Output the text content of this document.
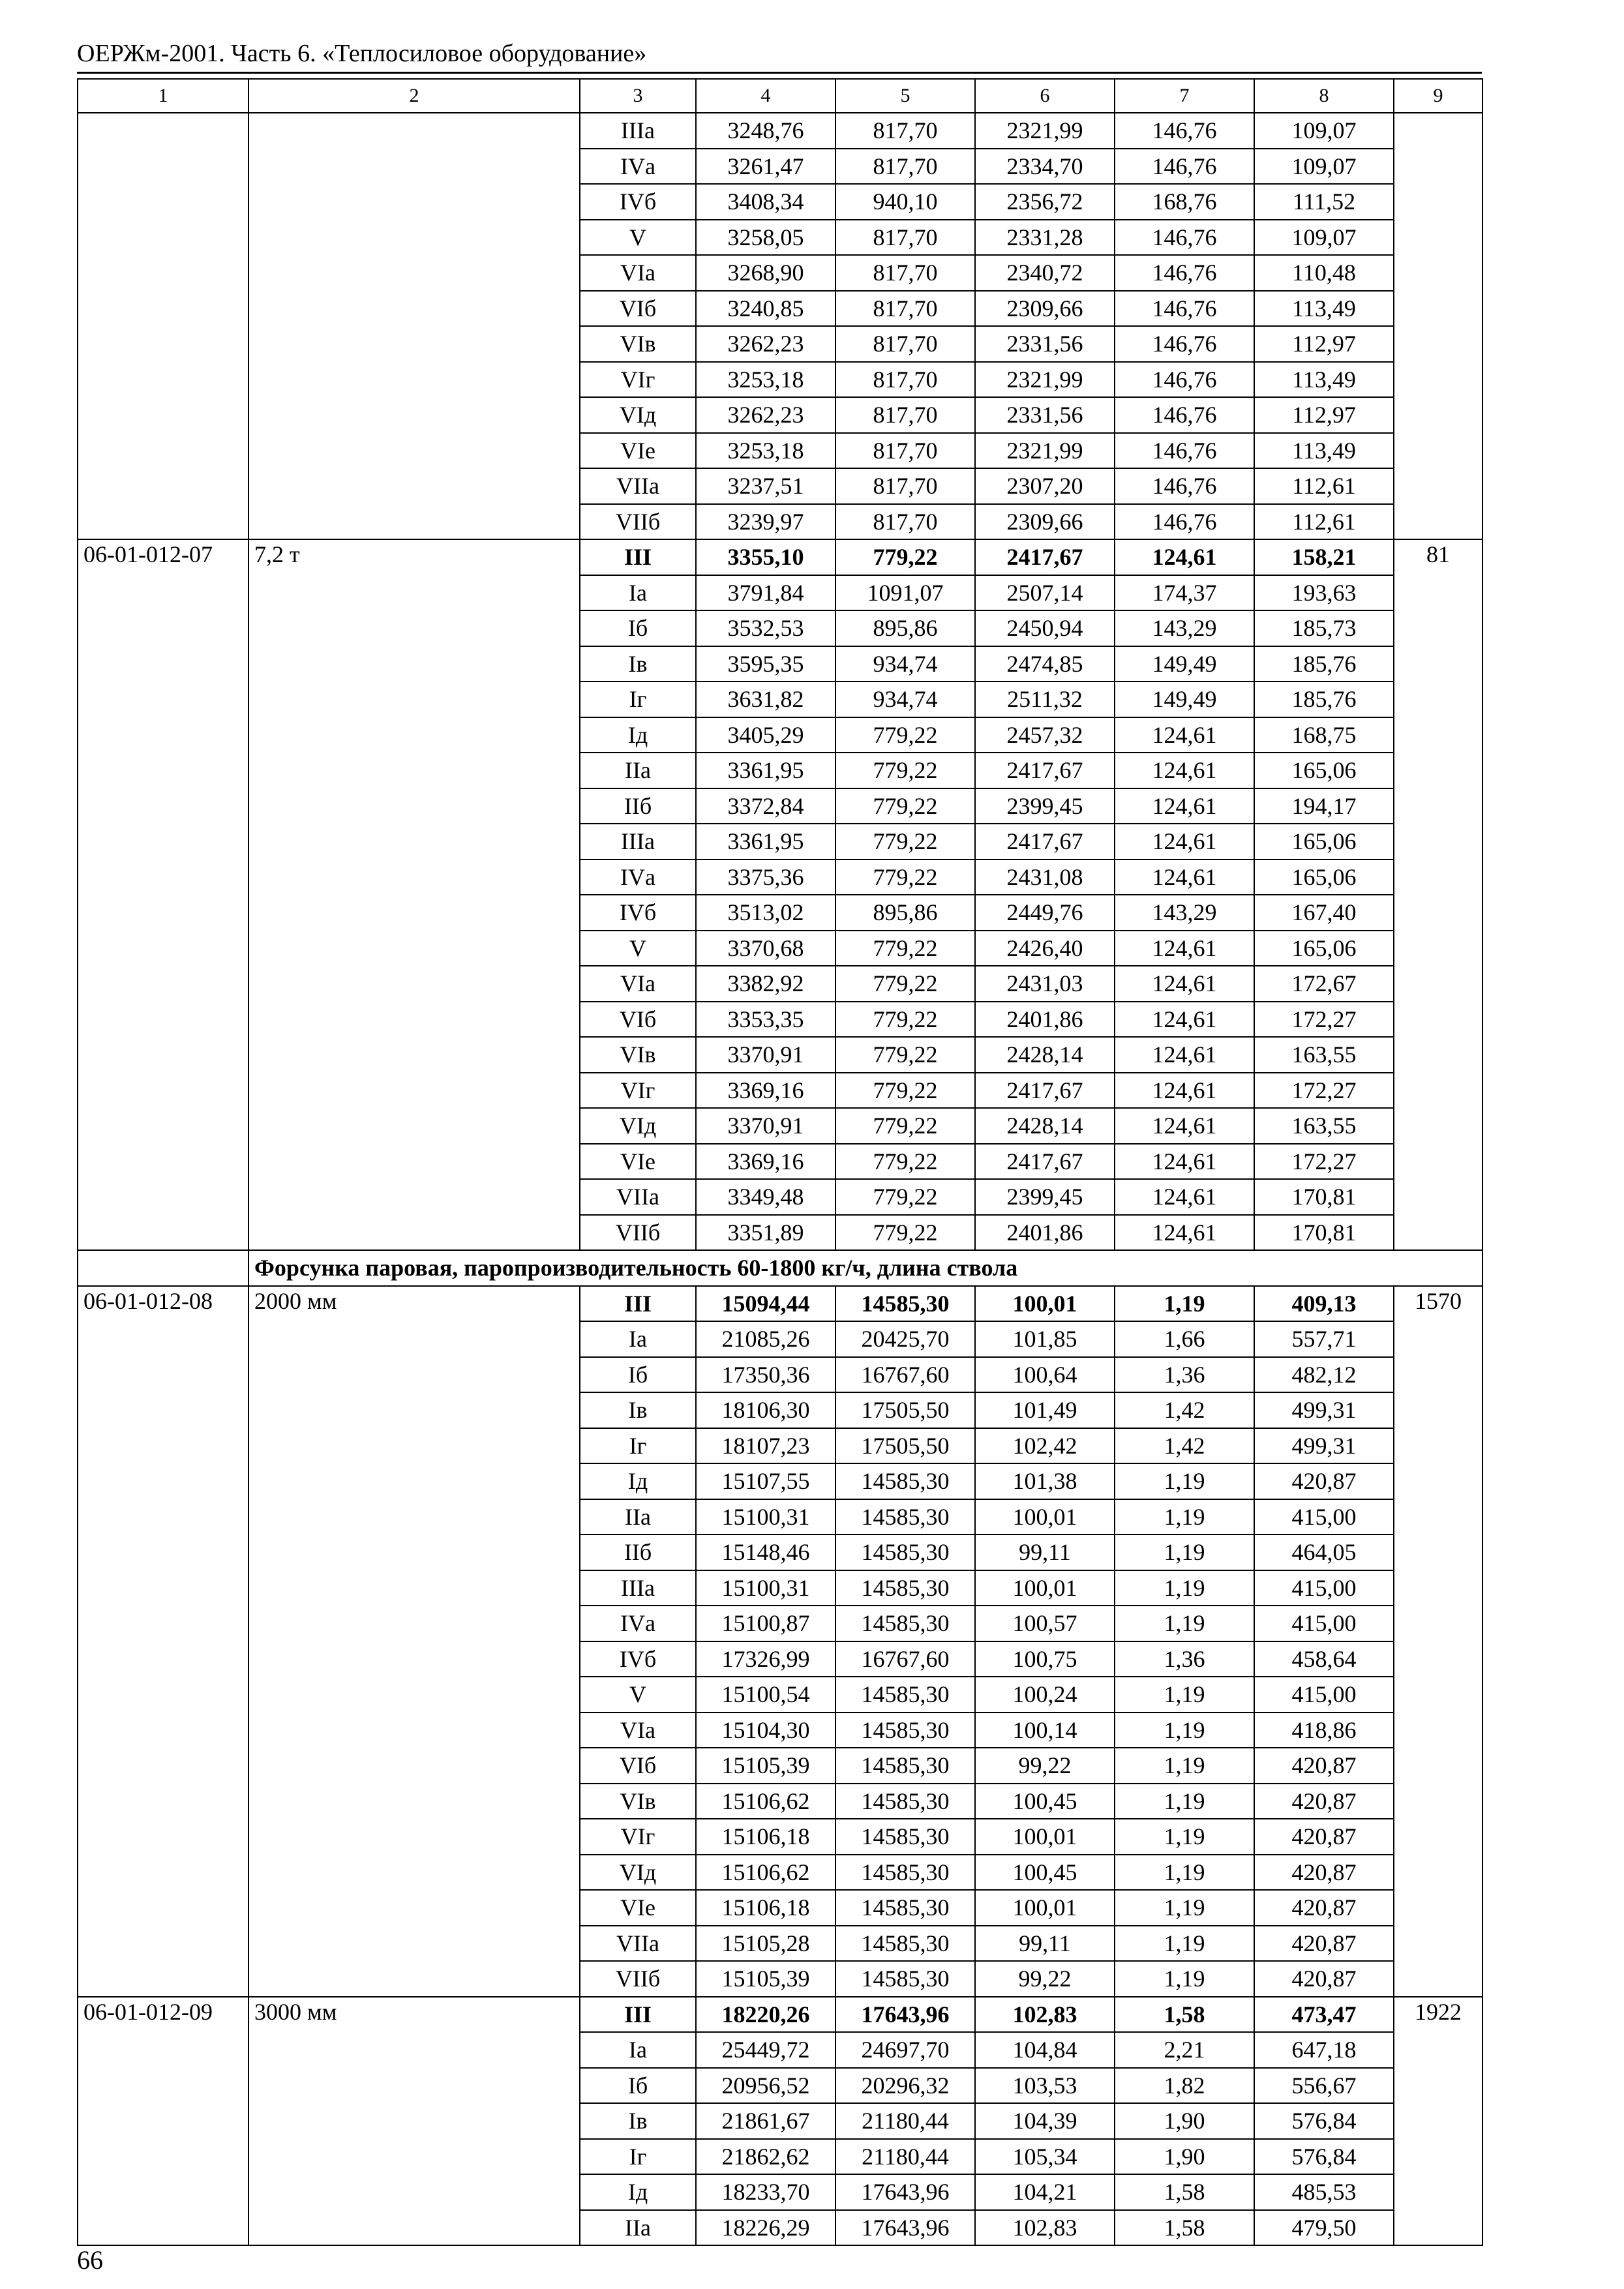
ОЕРЖм-2001. Часть 6. «Теплосиловое оборудование»
1	2	3	4	5	6	7	8	9
		IIIа	3248,76	817,70	2321,99	146,76	109,07	
		IVа	3261,47	817,70	2334,70	146,76	109,07	
		IVб	3408,34	940,10	2356,72	168,76	111,52	
		V	3258,05	817,70	2331,28	146,76	109,07	
		VIа	3268,90	817,70	2340,72	146,76	110,48	
		VIб	3240,85	817,70	2309,66	146,76	113,49	
		VIв	3262,23	817,70	2331,56	146,76	112,97	
		VIг	3253,18	817,70	2321,99	146,76	113,49	
		VIд	3262,23	817,70	2331,56	146,76	112,97	
		VIе	3253,18	817,70	2321,99	146,76	113,49	
		VIIа	3237,51	817,70	2307,20	146,76	112,61	
		VIIб	3239,97	817,70	2309,66	146,76	112,61	
06-01-012-07	7,2 т	III	3355,10	779,22	2417,67	124,61	158,21	81
		Iа	3791,84	1091,07	2507,14	174,37	193,63	
		Iб	3532,53	895,86	2450,94	143,29	185,73	
		Iв	3595,35	934,74	2474,85	149,49	185,76	
		Iг	3631,82	934,74	2511,32	149,49	185,76	
		Iд	3405,29	779,22	2457,32	124,61	168,75	
		IIа	3361,95	779,22	2417,67	124,61	165,06	
		IIб	3372,84	779,22	2399,45	124,61	194,17	
		IIIа	3361,95	779,22	2417,67	124,61	165,06	
		IVа	3375,36	779,22	2431,08	124,61	165,06	
		IVб	3513,02	895,86	2449,76	143,29	167,40	
		V	3370,68	779,22	2426,40	124,61	165,06	
		VIа	3382,92	779,22	2431,03	124,61	172,67	
		VIб	3353,35	779,22	2401,86	124,61	172,27	
		VIв	3370,91	779,22	2428,14	124,61	163,55	
		VIг	3369,16	779,22	2417,67	124,61	172,27	
		VIд	3370,91	779,22	2428,14	124,61	163,55	
		VIе	3369,16	779,22	2417,67	124,61	172,27	
		VIIа	3349,48	779,22	2399,45	124,61	170,81	
		VIIб	3351,89	779,22	2401,86	124,61	170,81	
	Форсунка паровая, паропроизводительность 60-1800 кг/ч, длина ствола							
06-01-012-08	2000 мм	III	15094,44	14585,30	100,01	1,19	409,13	1570
		Iа	21085,26	20425,70	101,85	1,66	557,71	
		Iб	17350,36	16767,60	100,64	1,36	482,12	
		Iв	18106,30	17505,50	101,49	1,42	499,31	
		Iг	18107,23	17505,50	102,42	1,42	499,31	
		Iд	15107,55	14585,30	101,38	1,19	420,87	
		IIа	15100,31	14585,30	100,01	1,19	415,00	
		IIб	15148,46	14585,30	99,11	1,19	464,05	
		IIIа	15100,31	14585,30	100,01	1,19	415,00	
		IVа	15100,87	14585,30	100,57	1,19	415,00	
		IVб	17326,99	16767,60	100,75	1,36	458,64	
		V	15100,54	14585,30	100,24	1,19	415,00	
		VIа	15104,30	14585,30	100,14	1,19	418,86	
		VIб	15105,39	14585,30	99,22	1,19	420,87	
		VIв	15106,62	14585,30	100,45	1,19	420,87	
		VIг	15106,18	14585,30	100,01	1,19	420,87	
		VIд	15106,62	14585,30	100,45	1,19	420,87	
		VIе	15106,18	14585,30	100,01	1,19	420,87	
		VIIа	15105,28	14585,30	99,11	1,19	420,87	
		VIIб	15105,39	14585,30	99,22	1,19	420,87	
06-01-012-09	3000 мм	III	18220,26	17643,96	102,83	1,58	473,47	1922
		Iа	25449,72	24697,70	104,84	2,21	647,18	
		Iб	20956,52	20296,32	103,53	1,82	556,67	
		Iв	21861,67	21180,44	104,39	1,90	576,84	
		Iг	21862,62	21180,44	105,34	1,90	576,84	
		Iд	18233,70	17643,96	104,21	1,58	485,53	
		IIа	18226,29	17643,96	102,83	1,58	479,50	
66
